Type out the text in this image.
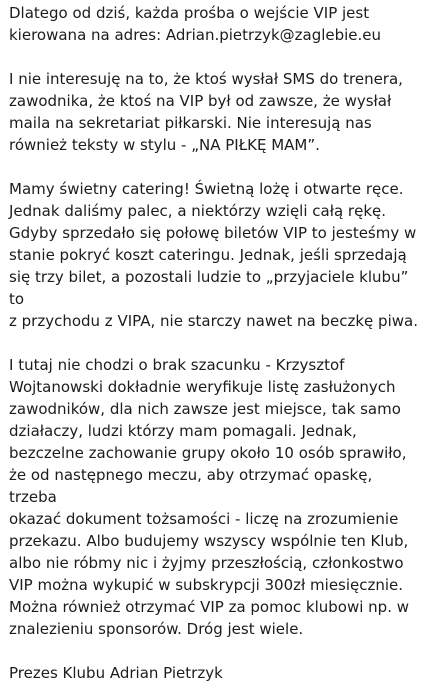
Dlatego od dziś, każda prośba o wejście VIP jest
kierowana na adres: Adrian.pietrzyk@zaglebie.eu

I nie interesuję na to, że ktoś wysłał SMS do trenera,
zawodnika, że ktoś na VIP był od zawsze, że wysłał
maila na sekretariat piłkarski. Nie interesują nas
również teksty w stylu - „NA PIŁKĘ MAM”.

Mamy świetny catering! Świetną lożę i otwarte ręce.
Jednak daliśmy palec, a niektórzy wzięli całą rękę.
Gdyby sprzedało się połowę biletów VIP to jesteśmy w
stanie pokryć koszt cateringu. Jednak, jeśli sprzedają
się trzy bilet, a pozostali ludzie to „przyjaciele klubu” to
z przychodu z VIPA, nie starczy nawet na beczkę piwa.

I tutaj nie chodzi o brak szacunku - Krzysztof
Wojtanowski dokładnie weryfikuje listę zasłużonych
zawodników, dla nich zawsze jest miejsce, tak samo
działaczy, ludzi którzy mam pomagali. Jednak,
bezczelne zachowanie grupy około 10 osób sprawiło,
że od następnego meczu, aby otrzymać opaskę, trzeba
okazać dokument tożsamości - liczę na zrozumienie
przekazu. Albo budujemy wszyscy wspólnie ten Klub,
albo nie róbmy nic i żyjmy przeszłością, członkostwo
VIP można wykupić w subskrypcji 300zł miesięcznie.
Można również otrzymać VIP za pomoc klubowi np. w
znalezieniu sponsorów. Dróg jest wiele.

Prezes Klubu Adrian Pietrzyk
